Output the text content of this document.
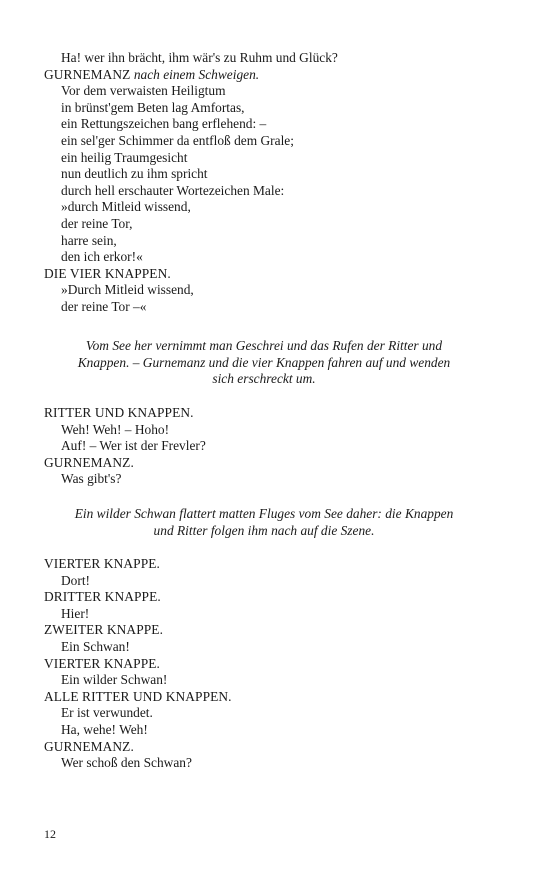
Ha! wer ihn brächt, ihm wär's zu Ruhm und Glück?
GURNEMANZ nach einem Schweigen.
Vor dem verwaisten Heiligtum
in brünst'gem Beten lag Amfortas,
ein Rettungszeichen bang erflehend: –
ein sel'ger Schimmer da entfloß dem Grale;
ein heilig Traumgesicht
nun deutlich zu ihm spricht
durch hell erschauter Wortezeichen Male:
»durch Mitleid wissend,
der reine Tor,
harre sein,
den ich erkor!«
DIE VIER KNAPPEN.
»Durch Mitleid wissend,
der reine Tor –«
Vom See her vernimmt man Geschrei und das Rufen der Ritter und
Knappen. – Gurnemanz und die vier Knappen fahren auf und wenden
sich erschreckt um.
RITTER UND KNAPPEN.
Weh! Weh! – Hoho!
Auf! – Wer ist der Frevler?
GURNEMANZ.
Was gibt's?
Ein wilder Schwan flattert matten Fluges vom See daher: die Knappen
und Ritter folgen ihm nach auf die Szene.
VIERTER KNAPPE.
Dort!
DRITTER KNAPPE.
Hier!
ZWEITER KNAPPE.
Ein Schwan!
VIERTER KNAPPE.
Ein wilder Schwan!
ALLE RITTER UND KNAPPEN.
Er ist verwundet.
Ha, wehe! Weh!
GURNEMANZ.
Wer schoß den Schwan?
12
